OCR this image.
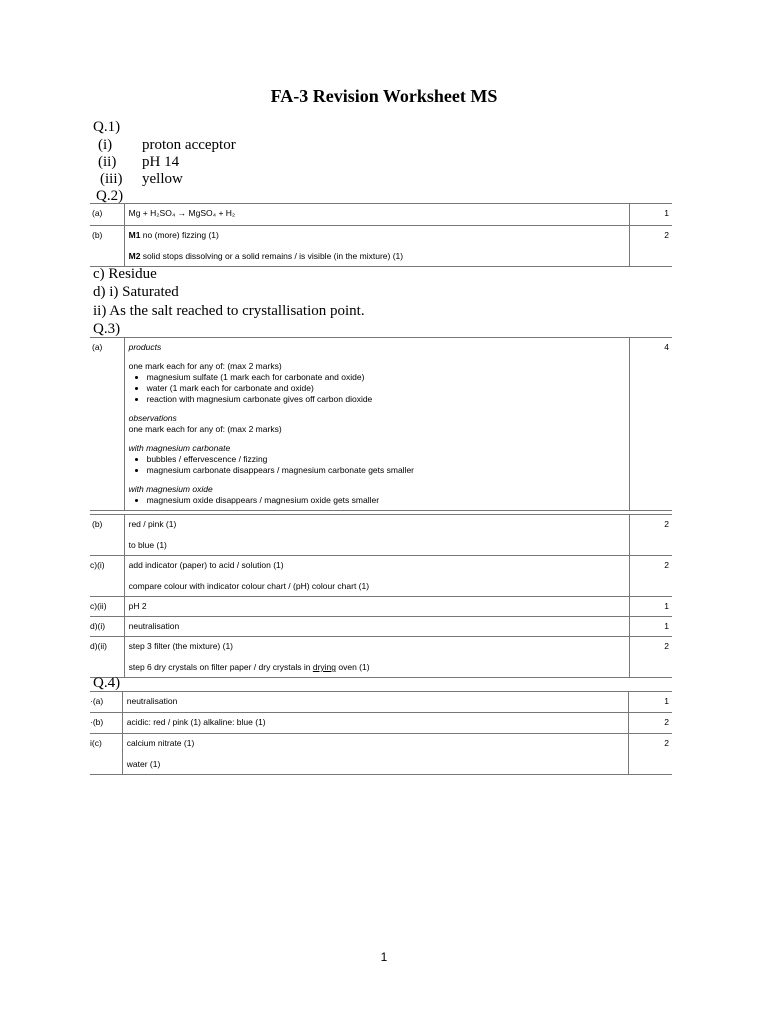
FA-3 Revision Worksheet MS
Q.1)
(i) proton acceptor
(ii) pH 14
(iii) yellow
Q.2)
(a)	Mg + H₂SO₄ → MgSO₄ + H₂	1
(b)	M1 no (more) fizzing (1)
M2 solid stops dissolving or a solid remains / is visible (in the mixture) (1)	2
c) Residue
d) i) Saturated
ii) As the salt reached to crystallisation point.
Q.3)
(a)	products
one mark each for any of: (max 2 marks)
• magnesium sulfate (1 mark each for carbonate and oxide)
• water (1 mark each for carbonate and oxide)
• reaction with magnesium carbonate gives off carbon dioxide
observations
one mark each for any of: (max 2 marks)
with magnesium carbonate
• bubbles / effervescence / fizzing
• magnesium carbonate disappears / magnesium carbonate gets smaller
with magnesium oxide
• magnesium oxide disappears / magnesium oxide gets smaller
	4
(b)	red / pink (1)
to blue (1)	2
c)(i)	add indicator (paper) to acid / solution (1)
compare colour with indicator colour chart / (pH) colour chart (1)	2
c)(ii)	pH 2	1
d)(i)	neutralisation	1
d)(ii)	step 3 filter (the mixture) (1)
step 6 dry crystals on filter paper / dry crystals in drying oven (1)	2
Q.4)
·(a)	neutralisation	1
·(b)	acidic: red / pink (1) alkaline: blue (1)	2
i(c)	calcium nitrate (1)
water (1)	2
1
